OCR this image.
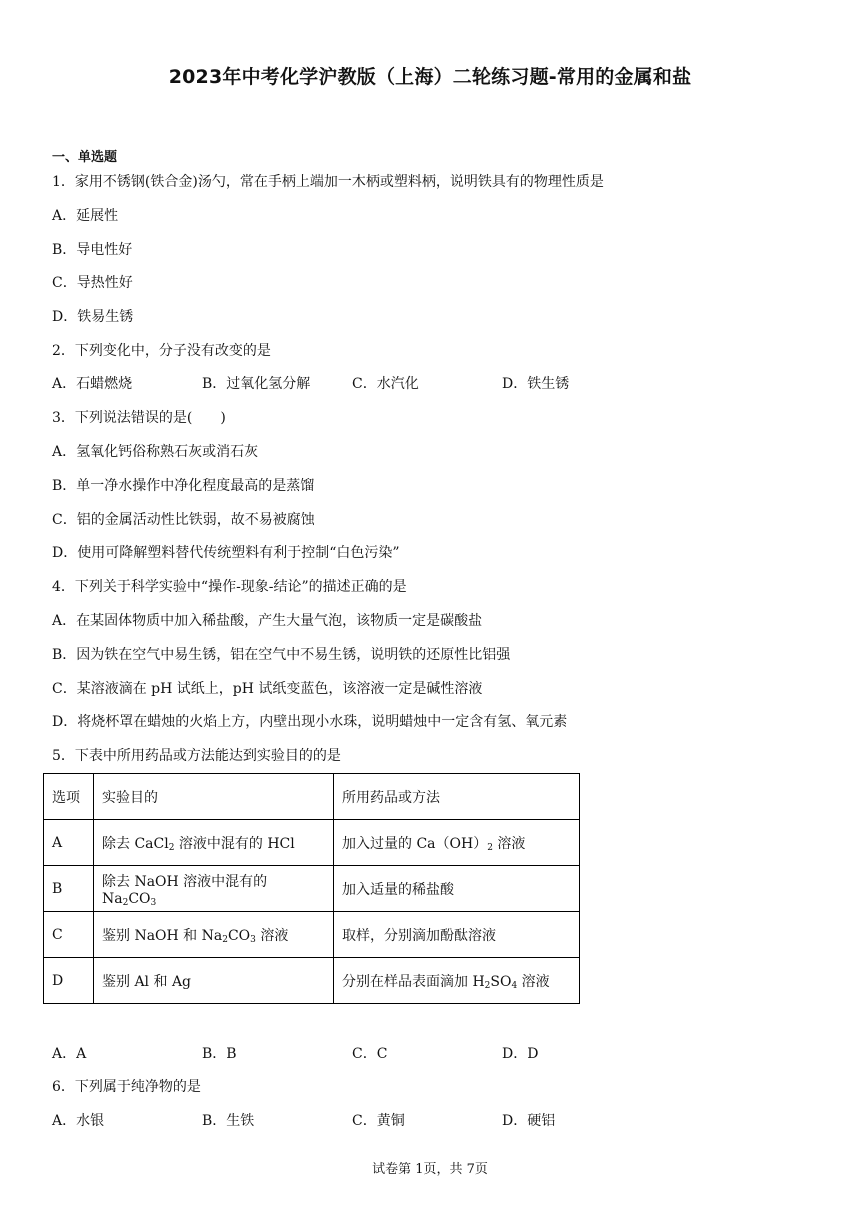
2023年中考化学沪教版（上海）二轮练习题-常用的金属和盐
一、单选题
1．家用不锈钢(铁合金)汤勺，常在手柄上端加一木柄或塑料柄，说明铁具有的物理性质是
A．延展性
B．导电性好
C．导热性好
D．铁易生锈
2．下列变化中，分子没有改变的是
A．石蜡燃烧	B．过氧化氢分解	C．水汽化	D．铁生锈
3．下列说法错误的是(　　)
A．氢氧化钙俗称熟石灰或消石灰
B．单一净水操作中净化程度最高的是蒸馏
C．铝的金属活动性比铁弱，故不易被腐蚀
D．使用可降解塑料替代传统塑料有利于控制“白色污染”
4．下列关于科学实验中“操作-现象-结论”的描述正确的是
A．在某固体物质中加入稀盐酸，产生大量气泡，该物质一定是碳酸盐
B．因为铁在空气中易生锈，铝在空气中不易生锈，说明铁的还原性比铝强
C．某溶液滴在 pH 试纸上，pH 试纸变蓝色，该溶液一定是碱性溶液
D．将烧杯罩在蜡烛的火焰上方，内壁出现小水珠，说明蜡烛中一定含有氢、氧元素
5．下表中所用药品或方法能达到实验目的的是
选项	实验目的	所用药品或方法
A	除去 CaCl$_2$ 溶液中混有的 HCl	加入过量的 $Ca(OH)_2$ 溶液
B	除去 NaOH 溶液中混有的 $Na_2CO_3$	加入适量的稀盐酸
C	鉴别 NaOH 和 $Na_2CO_3$ 溶液	取样，分别滴加酚酞溶液
D	鉴别 Al 和 Ag	分别在样品表面滴加 $H_2SO_4$ 溶液
A．A	B．B	C．C	D．D
6．下列属于纯净物的是
A．水银	B．生铁	C．黄铜	D．硬铝
试卷第 1页，共 7页
